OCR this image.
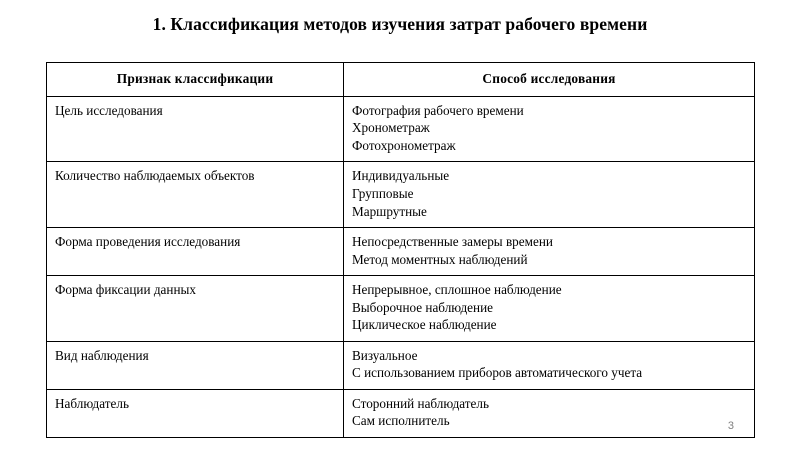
1. Классификация методов изучения затрат рабочего времени
Признак классификации	Способ исследования
Цель исследования	Фотография рабочего времени
Хронометраж
Фотохронометраж

Количество наблюдаемых объектов	Индивидуальные
Групповые
Маршрутные

Форма проведения исследования	Непосредственные замеры времени
Метод моментных наблюдений

Форма фиксации данных	Непрерывное, сплошное наблюдение
Выборочное наблюдение
Циклическое наблюдение

Вид наблюдения	Визуальное
С использованием приборов автоматического учета

Наблюдатель	Сторонний наблюдатель
Сам исполнитель	3
